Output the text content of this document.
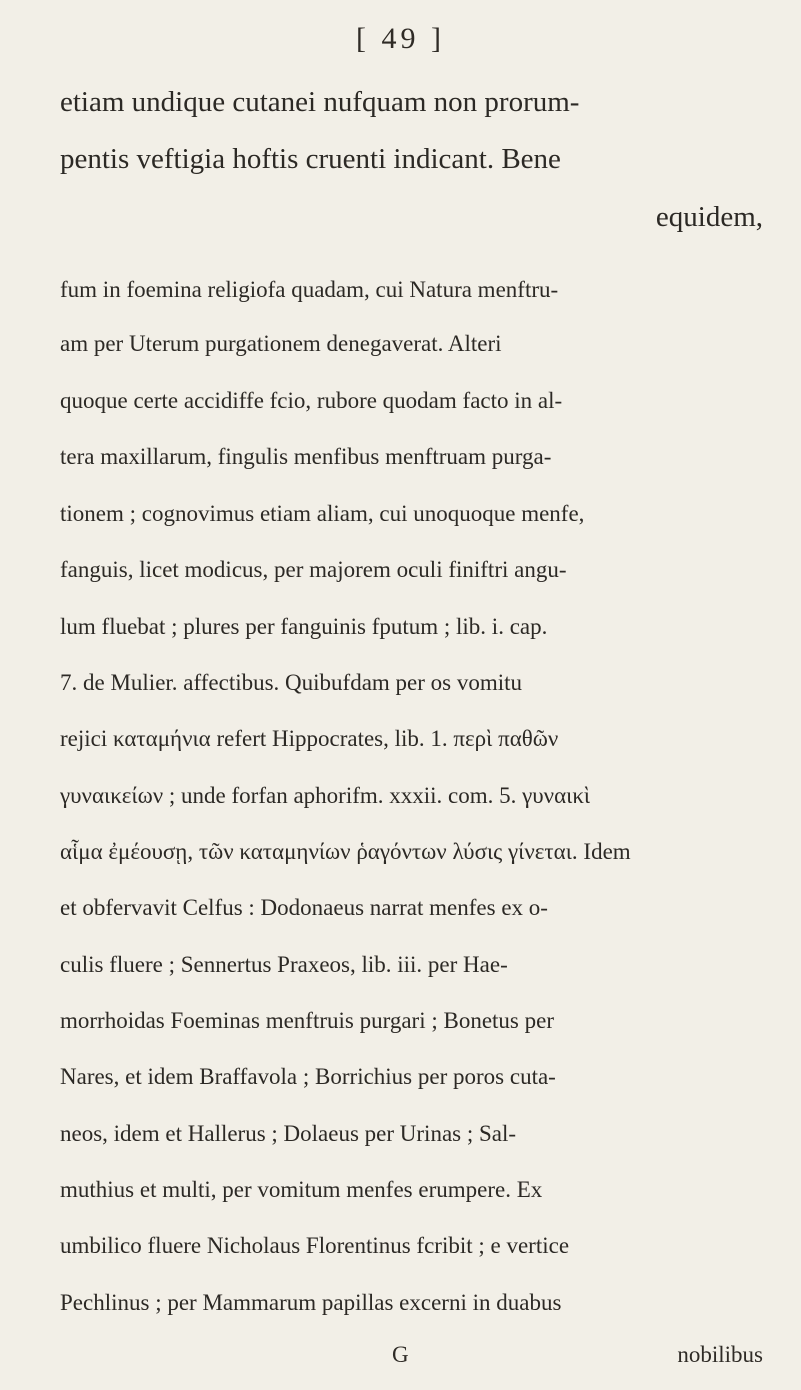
[ 49 ]
etiam undique cutanei nufquam non prorum-
pentis veftigia hoftis cruenti indicant. Bene
equidem,
fum in foemina religiofa quadam, cui Natura menftru-
am per Uterum purgationem denegaverat. Alteri
quoque certe accidiffe fcio, rubore quodam facto in al-
tera maxillarum, fingulis menfibus menftruam purga-
tionem ; cognovimus etiam aliam, cui unoquoque menfe,
fanguis, licet modicus, per majorem oculi finiftri angu-
lum fluebat ; plures per fanguinis fputum ; lib. i. cap.
7. de Mulier. affectibus. Quibufdam per os vomitu
rejici καταμήνια refert Hippocrates, lib. 1. περὶ παθῶν
γυναικείων ; unde forfan aphorifm. xxxii. com. 5. γυναικὶ
αἷμα ἐμέουσῃ, τῶν καταμηνίων ῥαγόντων λύσις γίνεται. Idem
et obfervavit Celfus : Dodonaeus narrat menfes ex o-
culis fluere ; Sennertus Praxeos, lib. iii. per Hae-
morrhoidas Foeminas menftruis purgari ; Bonetus per
Nares, et idem Braffavola ; Borrichius per poros cuta-
neos, idem et Hallerus ; Dolaeus per Urinas ; Sal-
muthius et multi, per vomitum menfes erumpere. Ex
umbilico fluere Nicholaus Florentinus fcribit ; e vertice
Pechlinus ; per Mammarum papillas excerni in duabus
G	nobilibus
